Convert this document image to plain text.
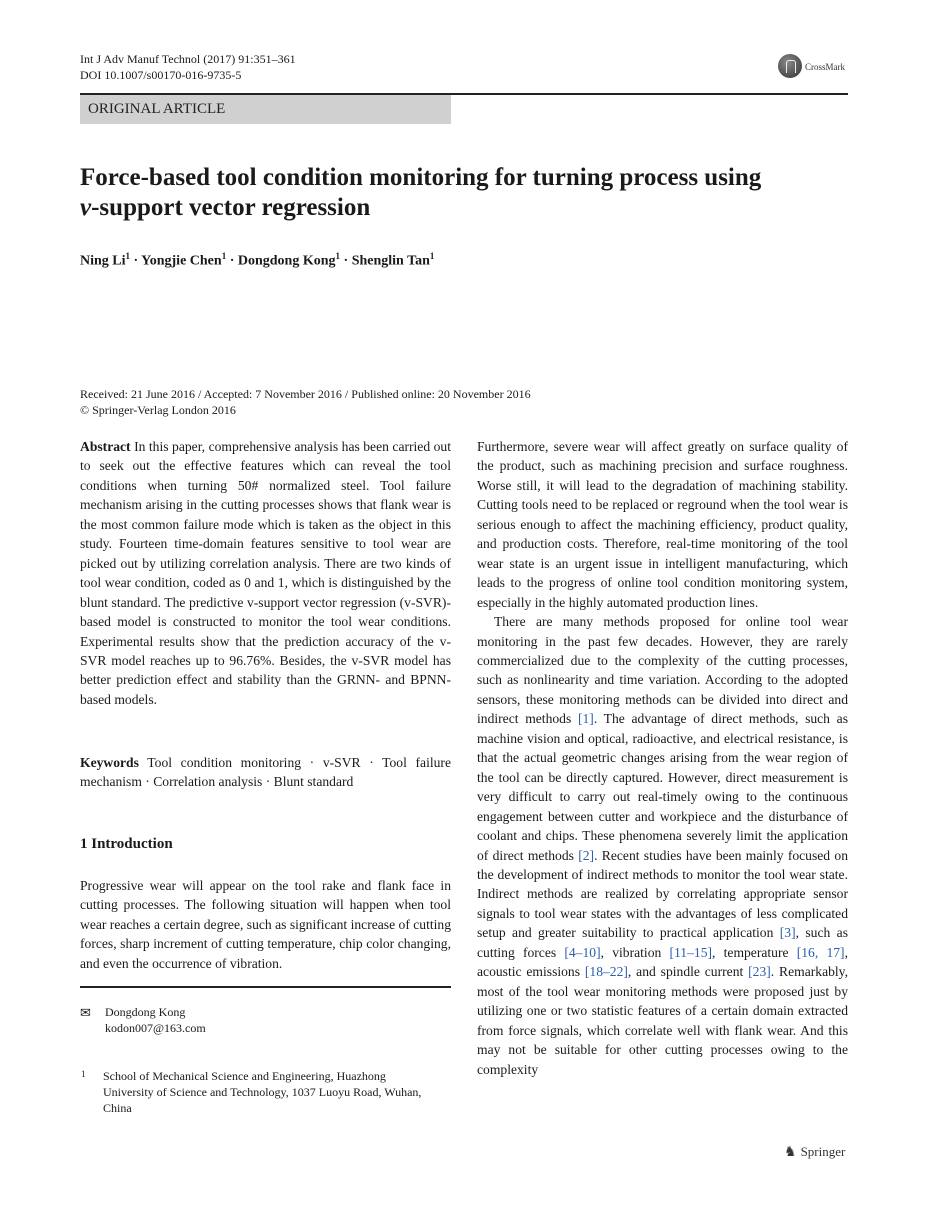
Int J Adv Manuf Technol (2017) 91:351–361
DOI 10.1007/s00170-016-9735-5
CrossMark
ORIGINAL ARTICLE
Force-based tool condition monitoring for turning process using
v-support vector regression
Ning $Li^1$ · Yongjie Chen$^1$ · Dongdong Kong$^1$ · Shenglin Tan$^1$
Received: 21 June 2016 / Accepted: 7 November 2016 / Published online: 20 November 2016
© Springer-Verlag London 2016
Abstract In this paper, comprehensive analysis has been carried out to seek out the effective features which can reveal the tool conditions when turning 50# normalized steel. Tool failure mechanism arising in the cutting processes shows that flank wear is the most common failure mode which is taken as the object in this study. Fourteen time-domain features sensitive to tool wear are picked out by utilizing correlation analysis. There are two kinds of tool wear condition, coded as 0 and 1, which is distinguished by the blunt standard. The predictive v-support vector regression (v-SVR)-based model is constructed to monitor the tool wear conditions. Experimental results show that the prediction accuracy of the v-SVR model reaches up to 96.76%. Besides, the v-SVR model has better prediction effect and stability than the GRNN- and BPNN-based models.
Keywords Tool condition monitoring · v-SVR · Tool failure mechanism · Correlation analysis · Blunt standard
1 Introduction
Progressive wear will appear on the tool rake and flank face in cutting processes. The following situation will happen when tool wear reaches a certain degree, such as significant increase of cutting forces, sharp increment of cutting temperature, chip color changing, and even the occurrence of vibration.
✉ Dongdong Kong
kodon007@163.com
1 School of Mechanical Science and Engineering, Huazhong University of Science and Technology, 1037 Luoyu Road, Wuhan, China
Furthermore, severe wear will affect greatly on surface quality of the product, such as machining precision and surface roughness. Worse still, it will lead to the degradation of machining stability. Cutting tools need to be replaced or reground when the tool wear is serious enough to affect the machining efficiency, product quality, and production costs. Therefore, real-time monitoring of the tool wear state is an urgent issue in intelligent manufacturing, which leads to the progress of online tool condition monitoring system, especially in the highly automated production lines.
There are many methods proposed for online tool wear monitoring in the past few decades. However, they are rarely commercialized due to the complexity of the cutting processes, such as nonlinearity and time variation. According to the adopted sensors, these monitoring methods can be divided into direct and indirect methods [1]. The advantage of direct methods, such as machine vision and optical, radioactive, and electrical resistance, is that the actual geometric changes arising from the wear region of the tool can be directly captured. However, direct measurement is very difficult to carry out real-timely owing to the continuous engagement between cutter and workpiece and the disturbance of coolant and chips. These phenomena severely limit the application of direct methods [2]. Recent studies have been mainly focused on the development of indirect methods to monitor the tool wear state. Indirect methods are realized by correlating appropriate sensor signals to tool wear states with the advantages of less complicated setup and greater suitability to practical application [3], such as cutting forces [4–10], vibration [11–15], temperature [16, 17], acoustic emissions [18–22], and spindle current [23]. Remarkably, most of the tool wear monitoring methods were proposed just by utilizing one or two statistic features of a certain domain extracted from force signals, which correlate well with flank wear. And this may not be suitable for other cutting processes owing to the complexity
♞ Springer
